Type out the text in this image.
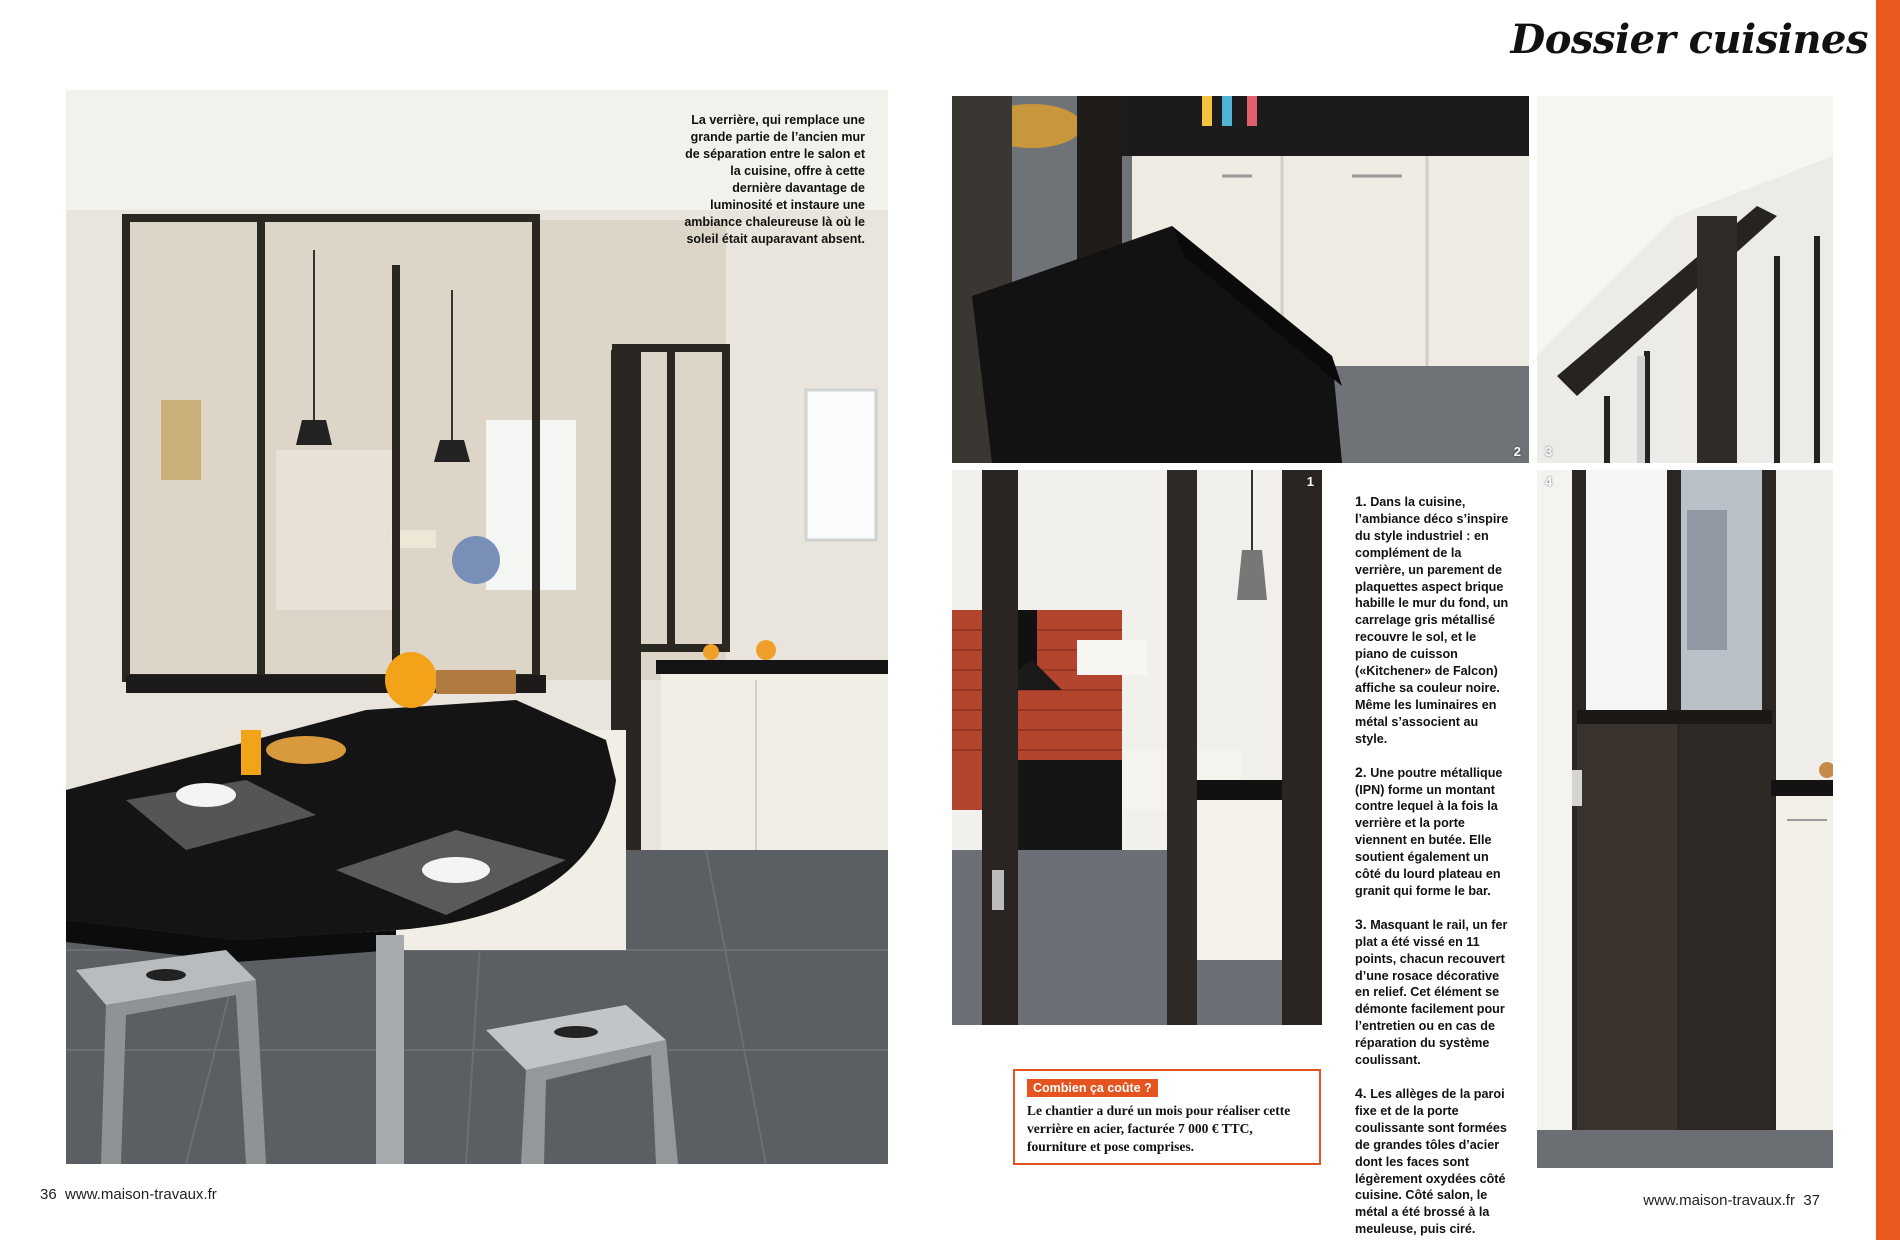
Dossier cuisines
La verrière, qui remplace une grande partie de l’ancien mur de séparation entre le salon et la cuisine, offre à cette dernière davantage de luminosité et instaure une ambiance chaleureuse là où le soleil était auparavant absent.
2 3
1	4

1. Dans la cuisine, l’ambiance déco s’inspire du style industriel : en complément de la verrière, un parement de plaquettes aspect brique habille le mur du fond, un carrelage gris métallisé recouvre le sol, et le piano de cuisson («Kitchener» de Falcon) affiche sa couleur noire. Même les luminaires en métal s’associent au style.

2. Une poutre métallique (IPN) forme un montant contre lequel à la fois la verrière et la porte viennent en butée. Elle soutient également un côté du lourd plateau en granit qui forme le bar.

3. Masquant le rail, un fer plat a été vissé en 11 points, chacun recouvert d’une rosace décorative en relief. Cet élément se démonte facilement pour l’entretien ou en cas de réparation du système coulissant.

4. Les allèges de la paroi fixe et de la porte coulissante sont formées de grandes tôles d’acier dont les faces sont légèrement oxydées côté cuisine. Côté salon, le métal a été brossé à la meuleuse, puis ciré.

Combien ça coûte ?
Le chantier a duré un mois pour réaliser cette verrière en acier, facturée 7 000 € TTC, fourniture et pose comprises.
36 www.maison-travaux.fr	www.maison-travaux.fr 37
